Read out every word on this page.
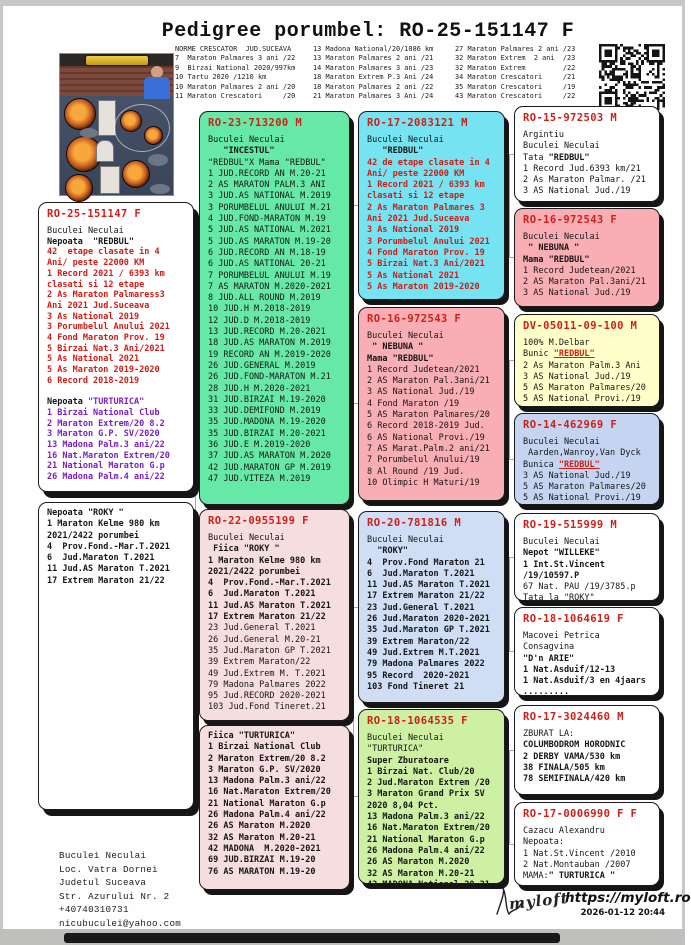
Pedigree porumbel: RO-25-151147 F
NORME CRESCATOR  JUD.SUCEAVA
7  Maraton Palmares 3 ani /22
9  Birzai National 2020/997km
10 Tartu 2020 /1210 km
10 Maraton Palmares 2 ani /20
11 Maraton Crescatori     /20
13 Madona National/20/1086 km
13 Maraton Palmares 2 ani /21
14 Maraton Palmares 3 ani /23
18 Maraton Extrem P.3 Ani /24
18 Maraton Palmares 2 ani /22
21 Maraton Palmares 3 Ani /24
27 Maraton Palmares 2 ani /23
32 Maraton Extrem  2 ani  /23
32 Maraton Extrem         /22
34 Maraton Crescatori     /21
35 Maraton Crescatori     /19
43 Maraton Crescatori     /22
RO-25-151147 F
Buculei Neculai
Nepoata  "REDBUL"
42  etape clasate in 4
Ani/ peste 22000 KM
1 Record 2021 / 6393 km
clasati si 12 etape
2 As Maraton Palmaress3
Ani 2021 Jud.Suceava
3 As National 2019
3 Porumbelul Anului 2021
4 Fond Maraton Prov. 19
5 Birzai Nat.3 Ani/2021
5 As National 2021
5 As Maraton 2019-2020
6 Record 2018-2019

Nepoata "TURTURICA"
1 Birzai National Club
2 Maraton Extrem/20 8.2
3 Maraton G.P. SV/2020
13 Madona Palm.3 ani/22
16 Nat.Maraton Extrem/20
21 National Maraton G.p
26 Madona Palm.4 ani/22
Nepoata "ROKY "
1 Maraton Kelme 980 km
2021/2422 porumbei
4  Prov.Fond.-Mar.T.2021
6  Jud.Maraton T.2021
11 Jud.AS Maraton T.2021
17 Extrem Maraton 21/22
RO-23-713200 M
Buculei Neculai
"INCESTUL"
"REDBUL"X Mama "REDBUL"
1 JUD.RECORD AN M.20-21
2 AS MARATON PALM.3 ANI
3 JUD.AS NATIONAL M.2019
3 PORUMBELUL ANULUI M.21
4 JUD.FOND-MARATON M.19
5 JUD.AS NATIONAL M.2021
5 JUD.AS MARATON M.19-20
6 JUD.RECORD AN M.18-19
6 JUD.AS NATIONAL 20-21
7 PORUMBELUL ANULUI M.19
7 AS MARATON M.2020-2021
8 JUD.ALL ROUND M.2019
10 JUD.H M.2018-2019
12 JUD.D M.2018-2019
13 JUD.RECORD M.20-2021
18 JUD.AS MARATON M.2019
19 RECORD AN M.2019-2020
26 JUD.GENERAL M.2019
26 JUD.FOND-MARATON M.21
28 JUD.H M.2020-2021
31 JUD.BIRZAI M.19-2020
33 JUD.DEMIFOND M.2019
35 JUD.MADONA M.19-2020
35 JUD.BIRZAI M.20-2021
36 JUD.E M.2019-2020
37 JUD.AS MARATON M.2020
42 JUD.MARATON GP M.2019
47 JUD.VITEZA M.2019
RO-22-0955199 F
Buculei Neculai
Fiica "ROKY "
1 Maraton Kelme 980 km
2021/2422 porumbei
4  Prov.Fond.-Mar.T.2021
6  Jud.Maraton T.2021
11 Jud.AS Maraton T.2021
17 Extrem Maraton 21/22
23 Jud.General T.2021
26 Jud.General M.20-21
35 Jud.Maraton GP T.2021
39 Extrem Maraton/22
49 Jud.Extrem M. T.2021
79 Madona Palmares 2022
95 Jud.RECORD 2020-2021
103 Jud.Fond Tineret.21
Fiica "TURTURICA"
1 Birzai National Club
2 Maraton Extrem/20 8.2
3 Maraton G.P. SV/2020
13 Madona Palm.3 ani/22
16 Nat.Maraton Extrem/20
21 National Maraton G.p
26 Madona Palm.4 ani/22
26 AS Maraton M.2020
32 AS Maraton M.20-21
42 MADONA  M.2020-2021
69 JUD.BIRZAI M.19-20
76 AS MARATON M.19-20
RO-17-2083121 M
Buculei Neculai
"REDBUL"
42 de etape clasate in 4
Ani/ peste 22000 KM
1 Record 2021 / 6393 km
clasati si 12 etape
2 As Maraton Palmares 3
Ani 2021 Jud.Suceava
3 As National 2019
3 Porumbelul Anului 2021
4 Fond Maraton Prov. 19
5 Birzai Nat.3 Ani/2021
5 As National 2021
5 As Maraton 2019-2020
RO-16-972543 F
Buculei Neculai
" NEBUNA "
Mama "REDBUL"
1 Record Judetean/2021
2 AS Maraton Pal.3ani/21
3 AS National Jud./19
4 Fond Maraton /19
5 AS Maraton Palmares/20
6 Record 2018-2019 Jud.
6 AS National Provi./19
7 AS Marat.Palm.2 ani/21
7 Porumbelul Anului/19
8 Al Round /19 Jud.
10 Olimpic H Maturi/19
RO-20-781816 M
Buculei Neculai
"ROKY"
4  Prov.Fond Maraton 21
6  Jud.Maraton T.2021
11 Jud.AS Maraton T.2021
17 Extrem Maraton 21/22
23 Jud.General T.2021
26 Jud.Maraton 2020-2021
35 Jud.Maraton GP T.2021
39 Extrem Maraton/22
49 Jud.Extrem M.T.2021
79 Madona Palmares 2022
95 Record  2020-2021
103 Fond Tineret 21
RO-18-1064535 F
Buculei Neculai
"TURTURICA"
Super Zburatoare
1 Birzai Nat. Club/20
2 Jud.Maraton Extrem /20
3 Maraton Grand Prix SV
2020 8,04 Pct.
13 Madona Palm.3 ani/22
16 Nat.Maraton Extrem/20
21 National Maraton G.p
26 Madona Palm.4 ani/22
26 AS Maraton M.2020
32 AS Maraton M.20-21
42 MADONA National 20-21
RO-15-972503 M
Argintiu
Buculei Neculai
Tata "REDBUL"
1 Record Jud.6393 km/21
2 As Maraton Palmar. /21
3 AS National Jud./19
RO-16-972543 F
Buculei Neculai
" NEBUNA "
Mama "REDBUL"
1 Record Judetean/2021
2 AS Maraton Pal.3ani/21
3 AS National Jud./19
DV-05011-09-100 M
100% M.Delbar
Bunic "REDBUL"
2 As Maraton Palm.3 Ani
3 AS National Jud./19
5 AS Maraton Palmares/20
5 AS National Provi./19
RO-14-462969 F
Buculei Neculai
Aarden,Wanroy,Van Dyck
Bunica "REDBUL"
3 AS National Jud./19
5 AS Maraton Palmares/20
5 AS National Provi./19
RO-19-515999 M
Buculei Neculai
Nepot "WILLEKE"
1 Int.St.Vincent
/19/10597.P
67 Nat. PAU /19/3785.p
Tata la "ROKY"
RO-18-1064619 F
Macovei Petrica
Consagvina
"D'n ARIE"
1 Nat.Asduif/12-13
1 Nat.Asduif/3 en 4jaars
.........
RO-17-3024460 M
ZBURAT LA:
COLUMBODROM HORODNIC
2 DERBY VAMA/530 km
38 FINALA/505 km
78 SEMIFINALA/420 km
RO-17-0006990 F F
Cazacu Alexandru
Nepoata:
1 Nat.St.Vincent /2010
2 Nat.Montauban /2007
MAMA:" TURTURICA "
Buculei Neculai
Loc. Vatra Dornei
Judetul Suceava
Str. Azurului Nr. 2
+40740310731
nicubuculei@yahoo.com
myloft
https://myloft.ro
2026-01-12 20:44
